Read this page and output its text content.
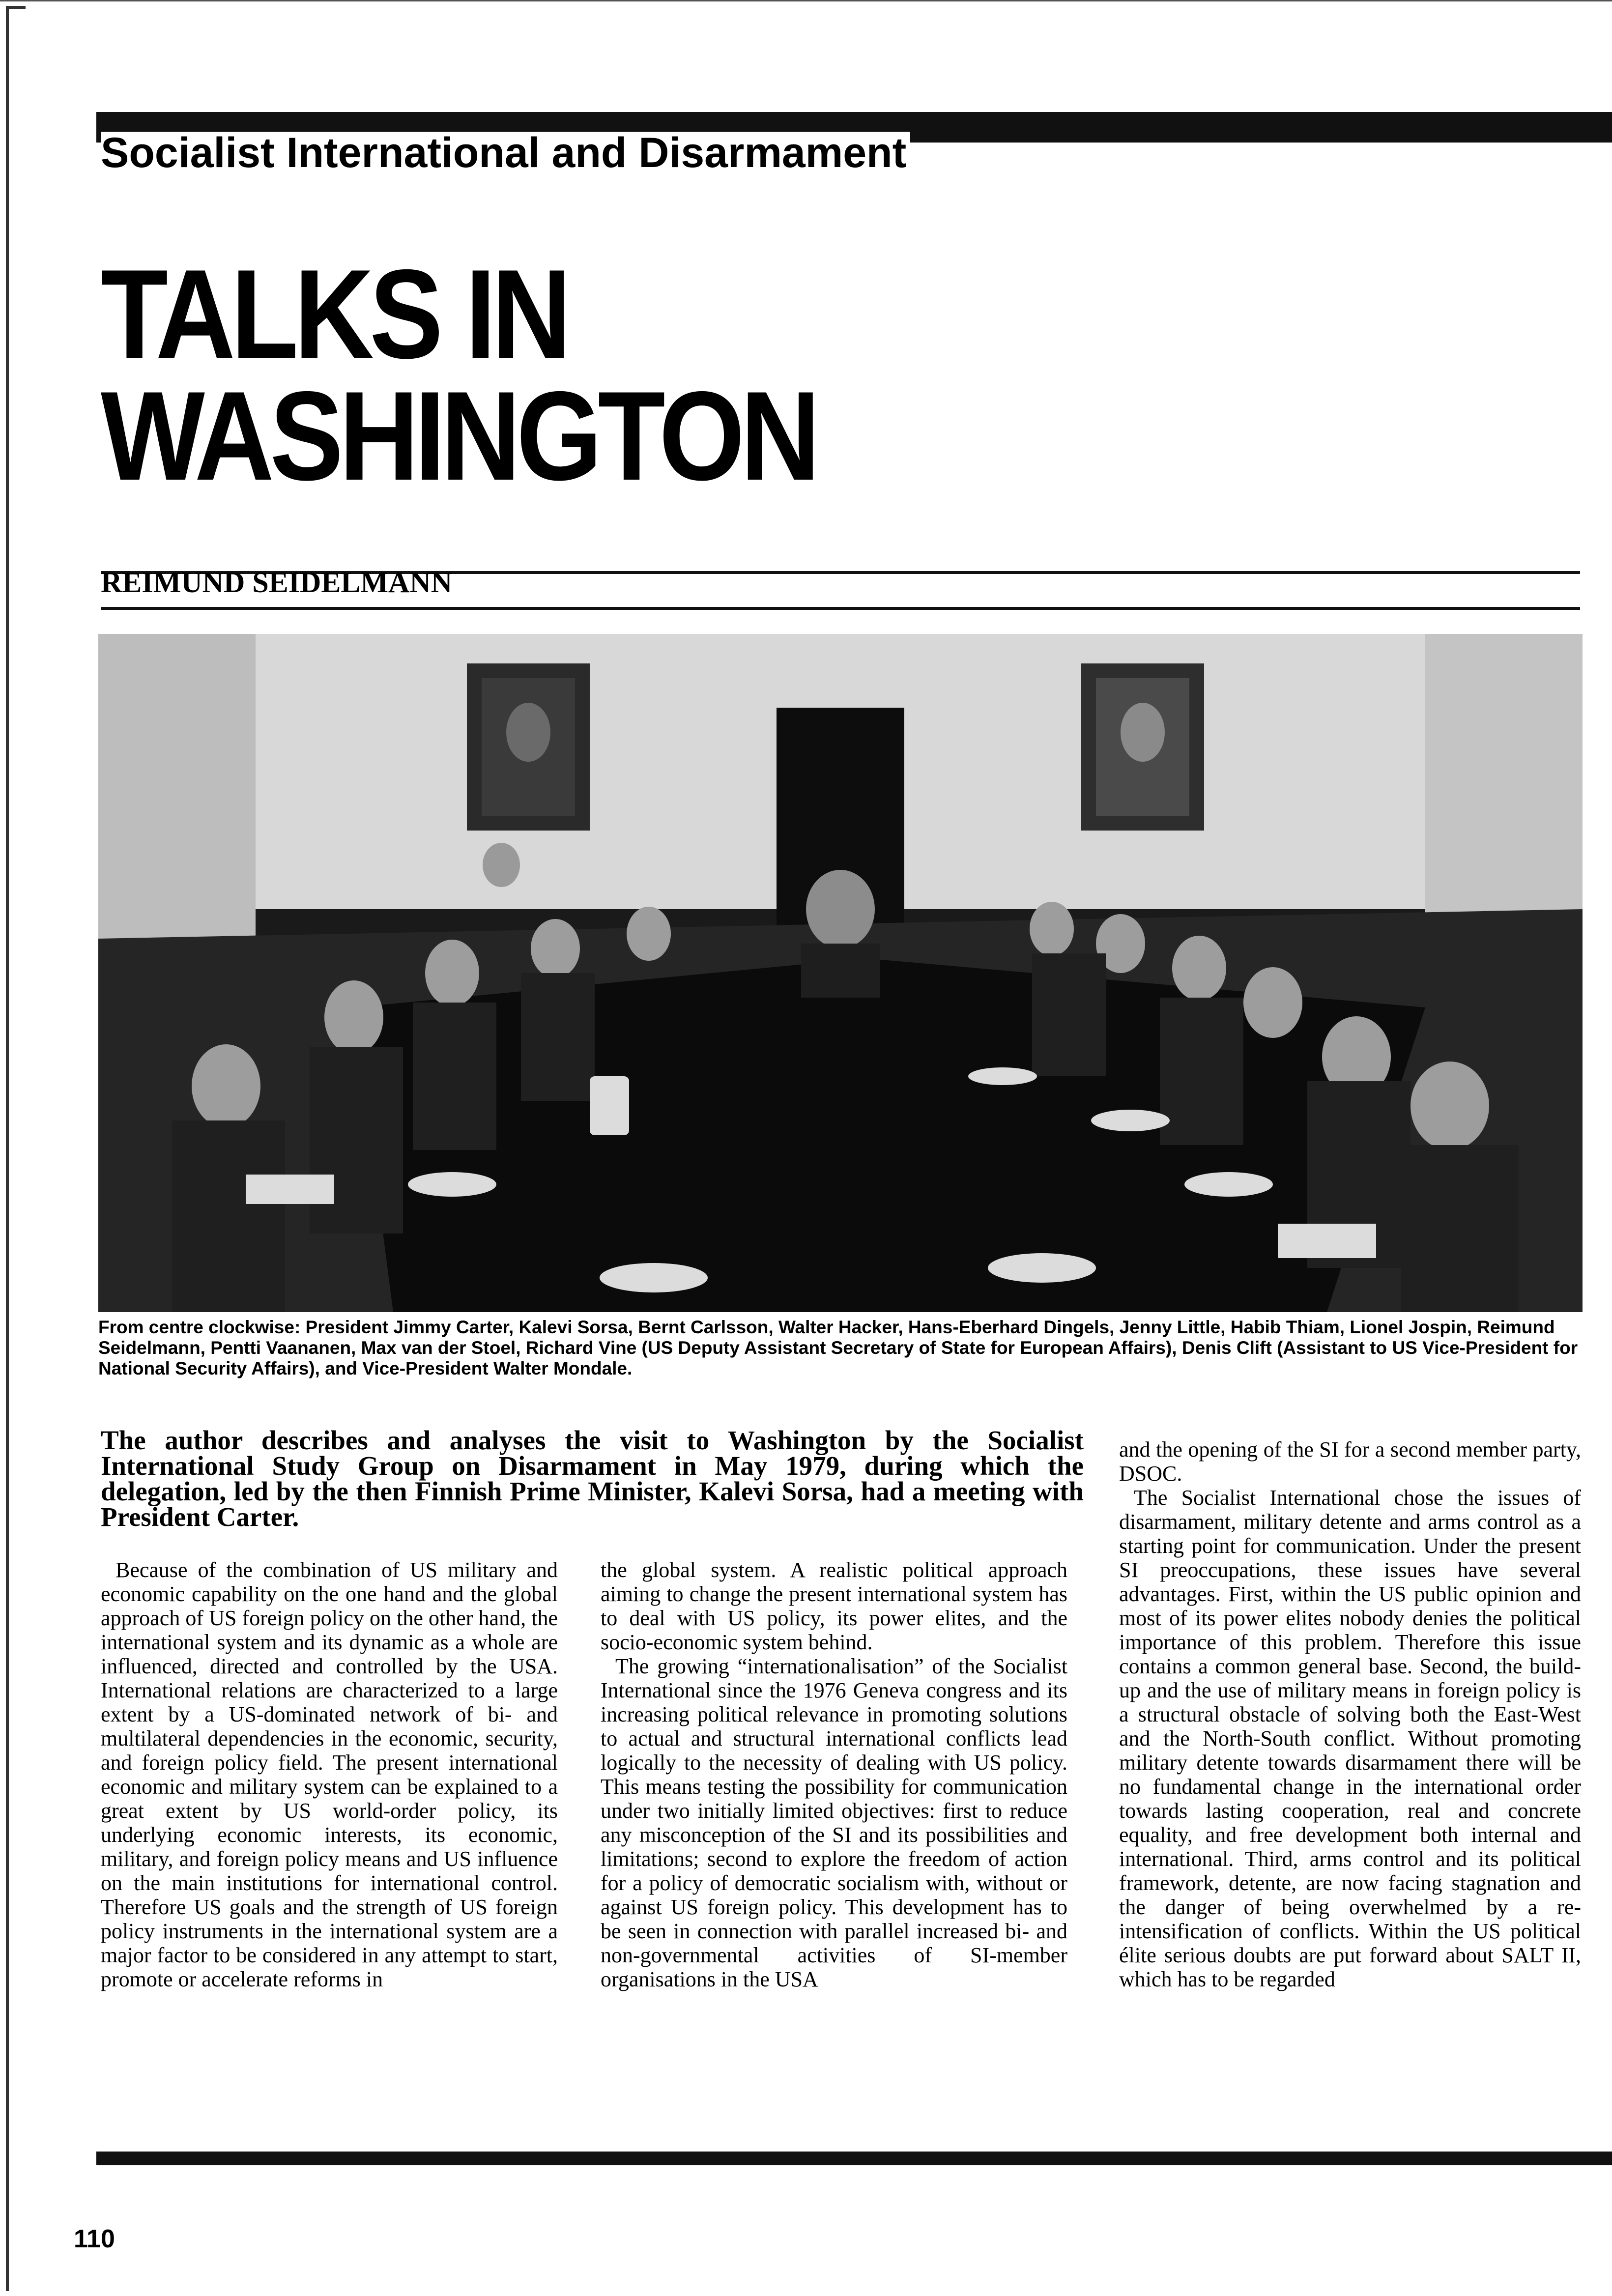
Socialist International and Disarmament
TALKS IN
WASHINGTON
REIMUND SEIDELMANN

From centre clockwise: President Jimmy Carter, Kalevi Sorsa, Bernt Carlsson, Walter Hacker, Hans-Eberhard Dingels, Jenny Little, Habib Thiam, Lionel Jospin, Reimund Seidelmann, Pentti Vaananen, Max van der Stoel, Richard Vine (US Deputy Assistant Secretary of State for European Affairs), Denis Clift (Assistant to US Vice-President for National Security Affairs), and Vice-President Walter Mondale.

The author describes and analyses the visit to Washington by the Socialist International Study Group on Disarmament in May 1979, during which the delegation, led by the then Finnish Prime Minister, Kalevi Sorsa, had a meeting with President Carter.

Because of the combination of US military and economic capability on the one hand and the global approach of US foreign policy on the other hand, the international system and its dynamic as a whole are influenced, directed and controlled by the USA. International relations are characterized to a large extent by a US-dominated network of bi- and multilateral dependencies in the economic, security, and foreign policy field. The present international economic and military system can be explained to a great extent by US world-order policy, its underlying economic interests, its economic, military, and foreign policy means and US influence on the main institutions for international control. Therefore US goals and the strength of US foreign policy instruments in the international system are a major factor to be considered in any attempt to start, promote or accelerate reforms in

the global system. A realistic political approach aiming to change the present international system has to deal with US policy, its power elites, and the socio-economic system behind.

The growing “internationalisation” of the Socialist International since the 1976 Geneva congress and its increasing political relevance in promoting solutions to actual and structural international conflicts lead logically to the necessity of dealing with US policy. This means testing the possibility for communication under two initially limited objectives: first to reduce any misconception of the SI and its possibilities and limitations; second to explore the freedom of action for a policy of democratic socialism with, without or against US foreign policy. This development has to be seen in connection with parallel increased bi- and non-governmental activities of SI-member organisations in the USA

and the opening of the SI for a second member party, DSOC.

The Socialist International chose the issues of disarmament, military detente and arms control as a starting point for communication. Under the present SI preoccupations, these issues have several advantages. First, within the US public opinion and most of its power elites nobody denies the political importance of this problem. Therefore this issue contains a common general base. Second, the build-up and the use of military means in foreign policy is a structural obstacle of solving both the East-West and the North-South conflict. Without promoting military detente towards disarmament there will be no fundamental change in the international order towards lasting cooperation, real and concrete equality, and free development both internal and international. Third, arms control and its political framework, detente, are now facing stagnation and the danger of being overwhelmed by a re-intensification of conflicts. Within the US political élite serious doubts are put forward about SALT II, which has to be regarded

110
